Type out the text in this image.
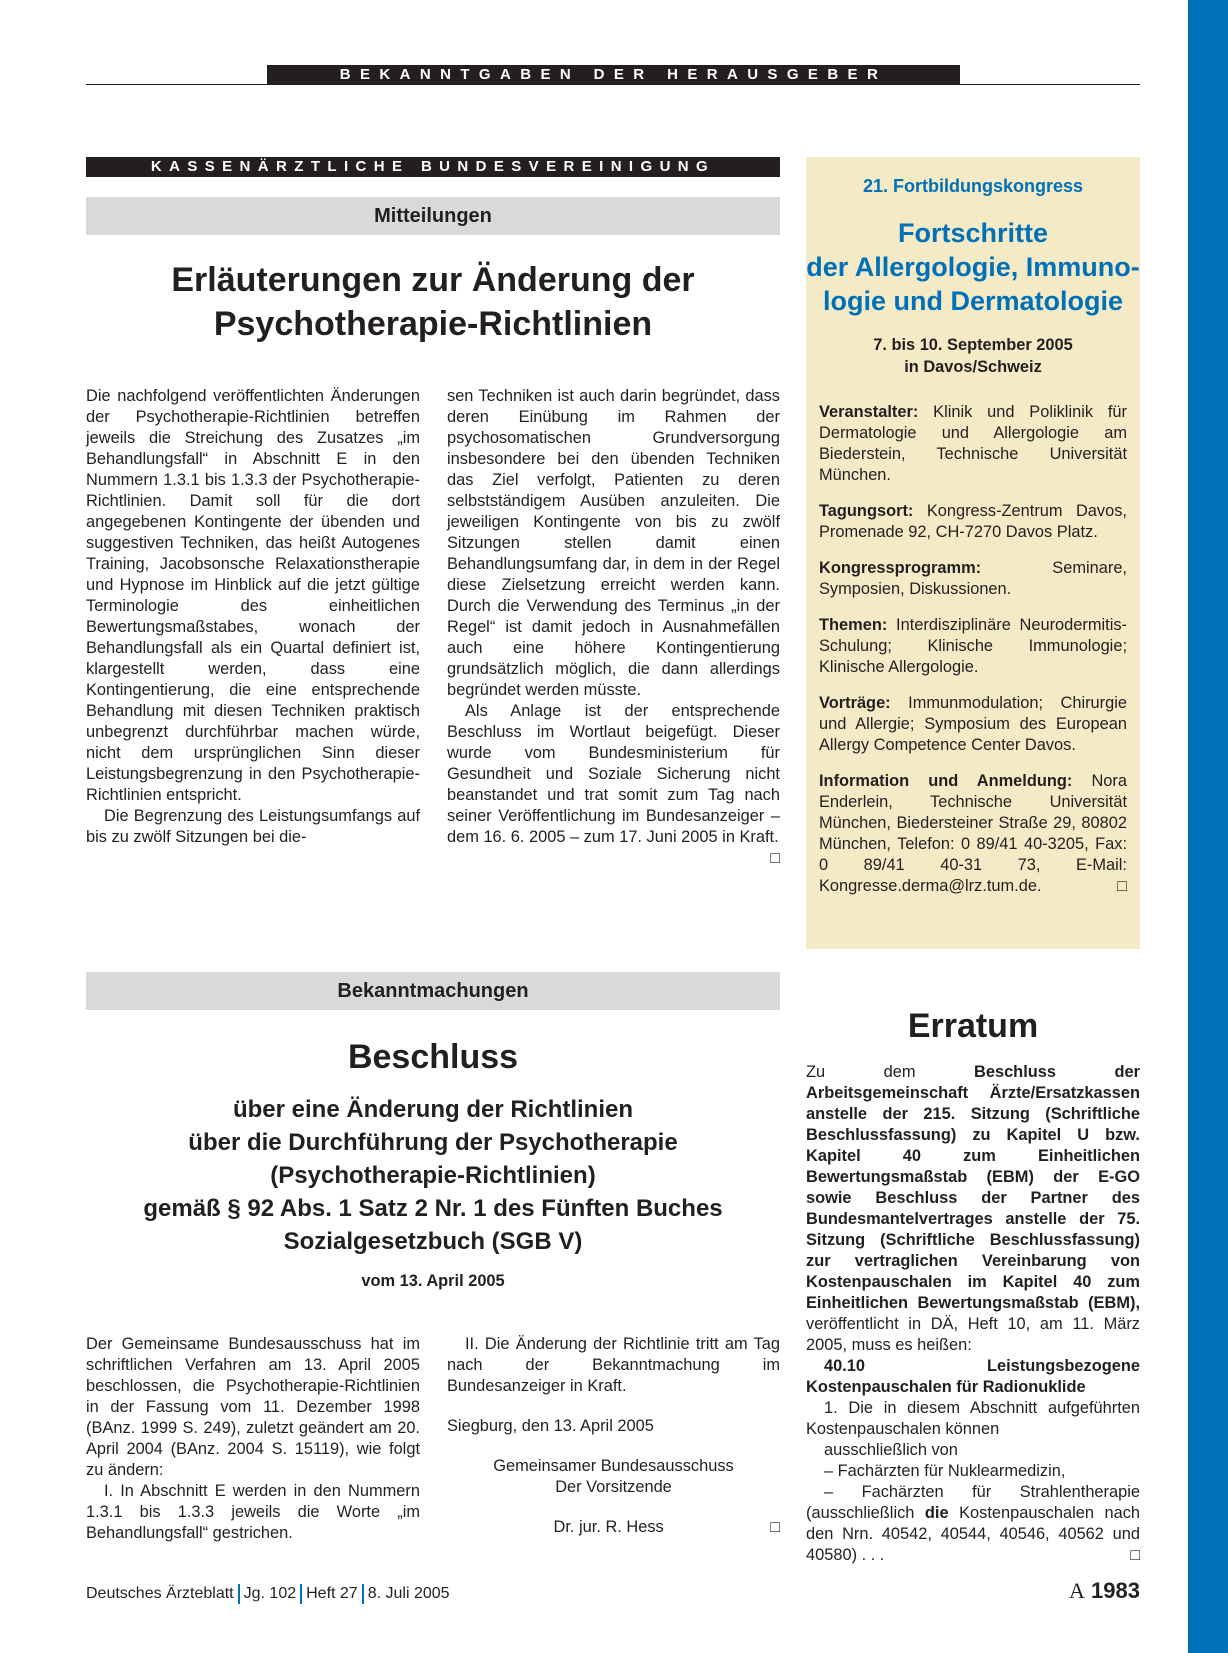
BEKANNTGABEN DER HERAUSGEBER
KASSENÄRZTLICHE BUNDESVEREINIGUNG
Mitteilungen
Erläuterungen zur Änderung der
Psychotherapie-Richtlinien

Die nachfolgend veröffentlichten Änderungen der Psychotherapie-Richtlinien betreffen jeweils die Streichung des Zusatzes „im Behandlungsfall“ in Abschnitt E in den Nummern 1.3.1 bis 1.3.3 der Psychotherapie-Richtlinien. Damit soll für die dort angegebenen Kontingente der übenden und suggestiven Techniken, das heißt Autogenes Training, Jacobsonsche Relaxationstherapie und Hypnose im Hinblick auf die jetzt gültige Terminologie des einheitlichen Bewertungsmaßstabes, wonach der Behandlungsfall als ein Quartal definiert ist, klargestellt werden, dass eine Kontingentierung, die eine entsprechende Behandlung mit diesen Techniken praktisch unbegrenzt durchführbar machen würde, nicht dem ursprünglichen Sinn dieser Leistungsbegrenzung in den Psychotherapie-Richtlinien entspricht.

Die Begrenzung des Leistungsumfangs auf bis zu zwölf Sitzungen bei die-

sen Techniken ist auch darin begründet, dass deren Einübung im Rahmen der psychosomatischen Grundversorgung insbesondere bei den übenden Techniken das Ziel verfolgt, Patienten zu deren selbstständigem Ausüben anzuleiten. Die jeweiligen Kontingente von bis zu zwölf Sitzungen stellen damit einen Behandlungsumfang dar, in dem in der Regel diese Zielsetzung erreicht werden kann. Durch die Verwendung des Terminus „in der Regel“ ist damit jedoch in Ausnahmefällen auch eine höhere Kontingentierung grundsätzlich möglich, die dann allerdings begründet werden müsste.

Als Anlage ist der entsprechende Beschluss im Wortlaut beigefügt. Dieser wurde vom Bundesministerium für Gesundheit und Soziale Sicherung nicht beanstandet und trat somit zum Tag nach seiner Veröffentlichung im Bundesanzeiger – dem 16. 6. 2005 – zum 17. Juni 2005 in Kraft.
□

21. Fortbildungskongress
Fortschritte
der Allergologie, Immuno-
logie und Dermatologie
7. bis 10. September 2005
in Davos/Schweiz

Veranstalter: Klinik und Poliklinik für Dermatologie und Allergologie am Biederstein, Technische Universität München.

Tagungsort: Kongress-Zentrum Davos, Promenade 92, CH-7270 Davos Platz.

Kongressprogramm: Seminare, Symposien, Diskussionen.

Themen: Interdisziplinäre Neurodermitis-Schulung; Klinische Immunologie; Klinische Allergologie.

Vorträge: Immunmodulation; Chirurgie und Allergie; Symposium des European Allergy Competence Center Davos.

Information und Anmeldung: Nora Enderlein, Technische Universität München, Biedersteiner Straße 29, 80802 München, Telefon: 0 89/41 40-3205, Fax: 0 89/41 40-31 73, E-Mail: Kongresse.derma@lrz.tum.de.	□

Bekanntmachungen
Beschluss
über eine Änderung der Richtlinien
über die Durchführung der Psychotherapie
(Psychotherapie-Richtlinien)
gemäß § 92 Abs. 1 Satz 2 Nr. 1 des Fünften Buches
Sozialgesetzbuch (SGB V)
vom 13. April 2005

Der Gemeinsame Bundesausschuss hat im schriftlichen Verfahren am 13. April 2005 beschlossen, die Psychotherapie-Richtlinien in der Fassung vom 11. Dezember 1998 (BAnz. 1999 S. 249), zuletzt geändert am 20. April 2004 (BAnz. 2004 S. 15119), wie folgt zu ändern:

I. In Abschnitt E werden in den Nummern 1.3.1 bis 1.3.3 jeweils die Worte „im Behandlungsfall“ gestrichen.

II. Die Änderung der Richtlinie tritt am Tag nach der Bekanntmachung im Bundesanzeiger in Kraft.

Siegburg, den 13. April 2005

Gemeinsamer Bundesausschuss

Der Vorsitzende

Dr. jur. R. Hess	□

Erratum

Zu dem Beschluss der Arbeitsgemeinschaft Ärzte/Ersatzkassen anstelle der 215. Sitzung (Schriftliche Beschlussfassung) zu Kapitel U bzw. Kapitel 40 zum Einheitlichen Bewertungsmaßstab (EBM) der E-GO sowie Beschluss der Partner des Bundesmantelvertrages anstelle der 75. Sitzung (Schriftliche Beschlussfassung) zur vertraglichen Vereinbarung von Kostenpauschalen im Kapitel 40 zum Einheitlichen Bewertungsmaßstab (EBM), veröffentlicht in DÄ, Heft 10, am 11. März 2005, muss es heißen:

40.10 Leistungsbezogene Kostenpauschalen für Radionuklide

1. Die in diesem Abschnitt aufgeführten Kostenpauschalen können

ausschließlich von

– Fachärzten für Nuklearmedizin,

– Fachärzten für Strahlentherapie (ausschließlich die Kostenpauschalen nach den Nrn. 40542, 40544, 40546, 40562 und 40580) . . .	□

Deutsches Ärzteblatt Jg. 102 Heft 27 8. Juli 2005	A 1983
